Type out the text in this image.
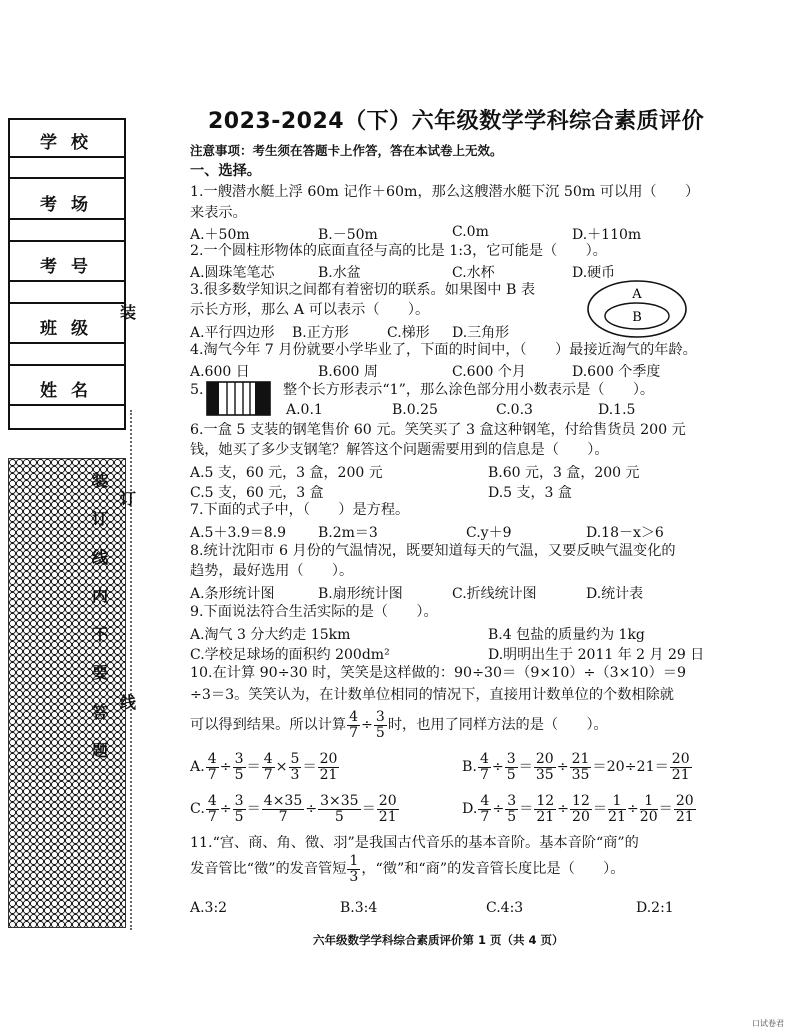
学校
考场
考号
班级
姓名
装
订
线
装
订
线
内
不
要
答
题
2023-2024（下）六年级数学学科综合素质评价
注意事项：考生须在答题卡上作答，答在本试卷上无效。
一、选择。
1.一艘潜水艇上浮 60m 记作＋60m，那么这艘潜水艇下沉 50m 可以用（　　）
来表示。
A.＋50m	B.－50m	C.0m	D.＋110m
2.一个圆柱形物体的底面直径与高的比是 1:3，它可能是（　　）。
A.圆珠笔笔芯	B.水盆	C.水杯	D.硬币
3.很多数学知识之间都有着密切的联系。如果图中 B 表
示长方形，那么 A 可以表示（　　）。
A.平行四边形 B.正方形	C.梯形 D.三角形
A
B
4.淘气今年 7 月份就要小学毕业了，下面的时间中，（　　）最接近淘气的年龄。
A.600 日	B.600 周	C.600 个月	D.600 个季度
5.	整个长方形表示“1”，那么涂色部分用小数表示是（　　）。
A.0.1	B.0.25	C.0.3	D.1.5
6.一盒 5 支装的钢笔售价 60 元。笑笑买了 3 盒这种钢笔，付给售货员 200 元
钱，她买了多少支钢笔？解答这个问题需要用到的信息是（　　）。
A.5 支，60 元，3 盒，200 元	B.60 元，3 盒，200 元
C.5 支，60 元，3 盒	D.5 支，3 盒
7.下面的式子中，（　　）是方程。
A.5＋3.9＝8.9 B.2m＝3	C.y＋9	D.18－x＞6
8.统计沈阳市 6 月份的气温情况，既要知道每天的气温，又要反映气温变化的
趋势，最好选用（　　）。
A.条形统计图	B.扇形统计图	C.折线统计图	D.统计表
9.下面说法符合生活实际的是（　　）。
A.淘气 3 分大约走 15km	B.4 包盐的质量约为 1kg
C.学校足球场的面积约 200dm²	D.明明出生于 2011 年 2 月 29 日
10.在计算 90÷30 时，笑笑是这样做的：90÷30＝（9×10）÷（3×10）＝9
÷3＝3。笑笑认为，在计数单位相同的情况下，直接用计数单位的个数相除就
可以得到结果。所以计算 $\frac{4}{7} \div \frac{3}{5}$ 时，也用了同样方法的是（　　）。
A. $\frac{4}{7} \div \frac{3}{5} = \frac{4}{7} \times \frac{5}{3} = \frac{20}{21}$	B. $\frac{4}{7} \div \frac{3}{5} = \frac{20}{35} \div \frac{21}{35} =20\div 21= \frac{20}{21}$
C. $\frac{4}{7} \div \frac{3}{5} = \frac{4\times 35}{7} \div \frac{3\times 35}{5} = \frac{20}{21}$	D. $\frac{4}{7} \div \frac{3}{5} = \frac{12}{21} \div \frac{12}{20} = \frac{1}{21} \div \frac{1}{20} = \frac{20}{21}$
11.“宫、商、角、徵、羽”是我国古代音乐的基本音阶。基本音阶“商”的
发音管比“徵”的发音管短 $\frac{1}{3}$ ，“徵”和“商”的发音管长度比是（　　）。
A.3:2	B.3:4	C.4:3	D.2:1
六年级数学学科综合素质评价第 1 页（共 4 页）
口试卷君
